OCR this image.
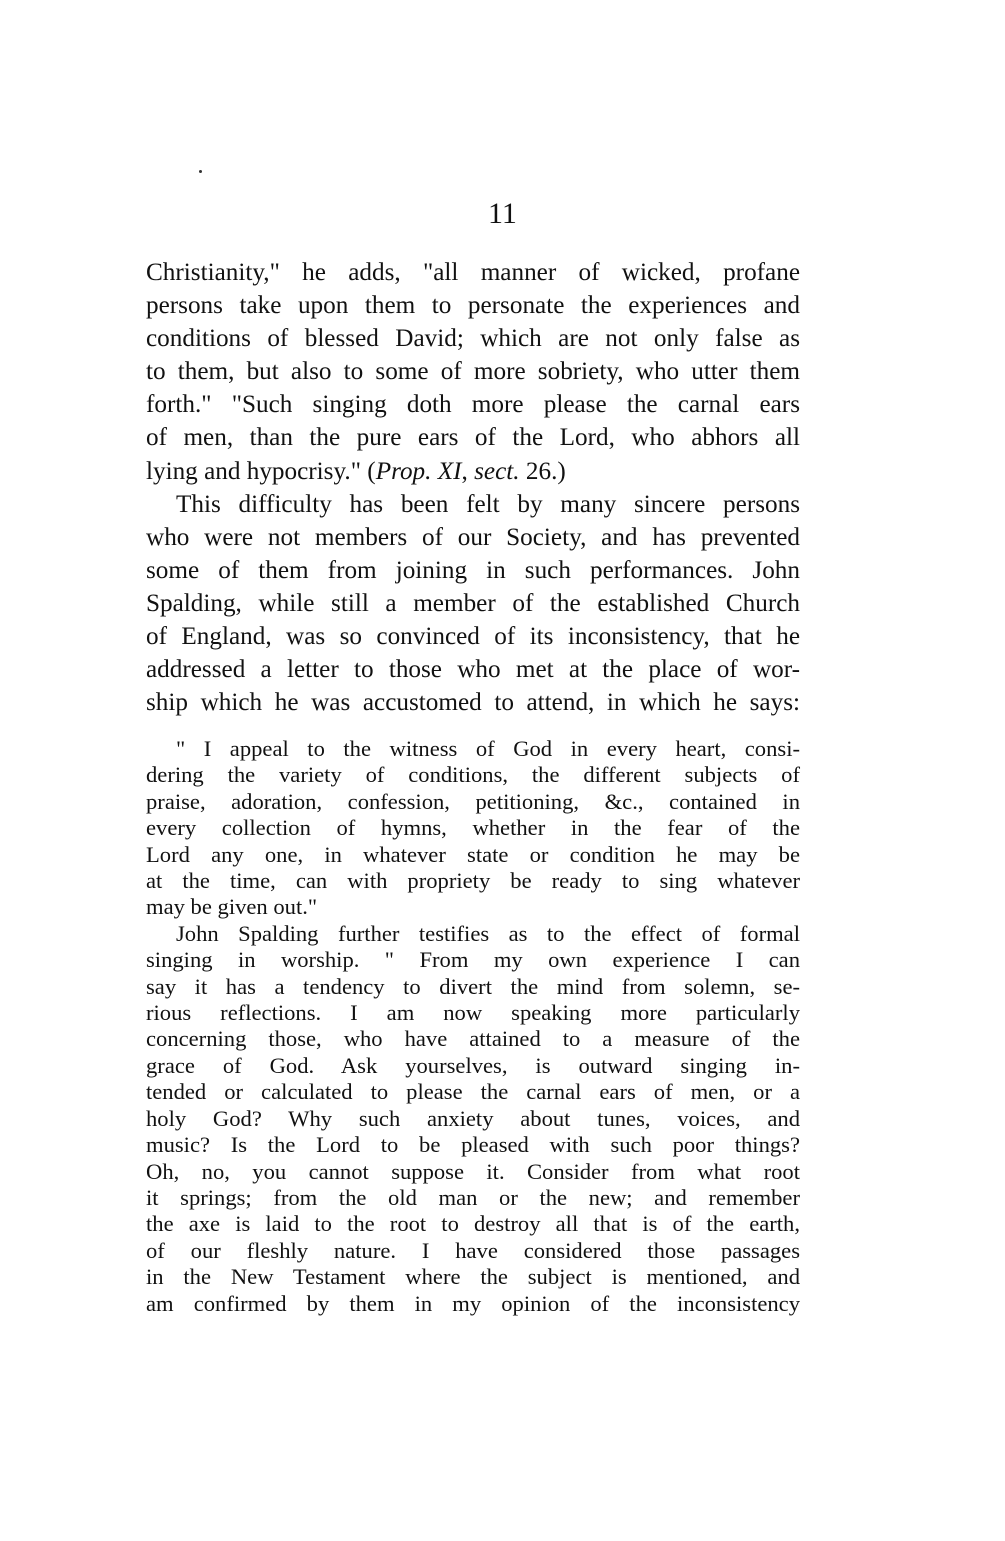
11

Christianity," he adds, "all manner of wicked, profane
persons take upon them to personate the experiences and
conditions of blessed David; which are not only false as
to them, but also to some of more sobriety, who utter them
forth." "Such singing doth more please the carnal ears
of men, than the pure ears of the Lord, who abhors all
lying and hypocrisy." (Prop. XI, sect. 26.)

This difficulty has been felt by many sincere persons
who were not members of our Society, and has prevented
some of them from joining in such performances. John
Spalding, while still a member of the established Church
of England, was so convinced of its inconsistency, that he
addressed a letter to those who met at the place of wor-
ship which he was accustomed to attend, in which he says:

" I appeal to the witness of God in every heart, consi-
dering the variety of conditions, the different subjects of
praise, adoration, confession, petitioning, &c., contained in
every collection of hymns, whether in the fear of the
Lord any one, in whatever state or condition he may be
at the time, can with propriety be ready to sing whatever
may be given out."

John Spalding further testifies as to the effect of formal
singing in worship. " From my own experience I can
say it has a tendency to divert the mind from solemn, se-
rious reflections. I am now speaking more particularly
concerning those, who have attained to a measure of the
grace of God. Ask yourselves, is outward singing in-
tended or calculated to please the carnal ears of men, or a
holy God? Why such anxiety about tunes, voices, and
music? Is the Lord to be pleased with such poor things?
Oh, no, you cannot suppose it. Consider from what root
it springs; from the old man or the new; and remember
the axe is laid to the root to destroy all that is of the earth,
of our fleshly nature. I have considered those passages
in the New Testament where the subject is mentioned, and
am confirmed by them in my opinion of the inconsistency
